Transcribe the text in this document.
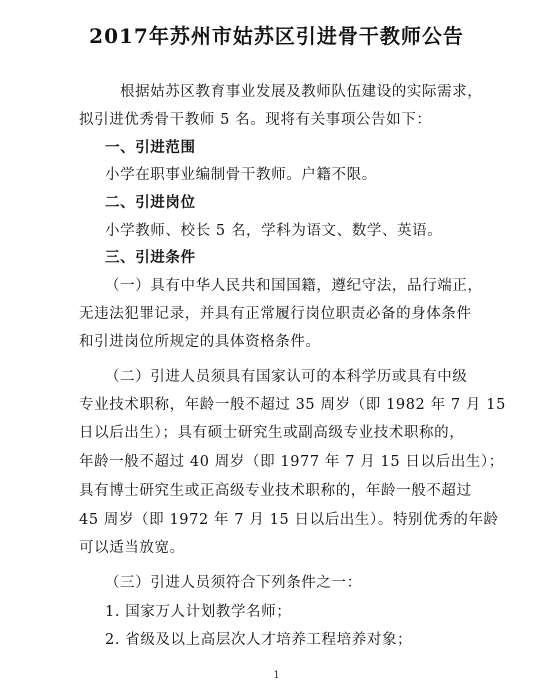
2017年苏州市姑苏区引进骨干教师公告
根据姑苏区教育事业发展及教师队伍建设的实际需求，
拟引进优秀骨干教师 5 名。现将有关事项公告如下：
一、引进范围
小学在职事业编制骨干教师。户籍不限。
二、引进岗位
小学教师、校长 5 名，学科为语文、数学、英语。
三、引进条件
（一）具有中华人民共和国国籍，遵纪守法，品行端正，
无违法犯罪记录，并具有正常履行岗位职责必备的身体条件
和引进岗位所规定的具体资格条件。
（二）引进人员须具有国家认可的本科学历或具有中级
专业技术职称，年龄一般不超过 35 周岁（即 1982 年 7 月 15
日以后出生）；具有硕士研究生或副高级专业技术职称的，
年龄一般不超过 40 周岁（即 1977 年 7 月 15 日以后出生）；
具有博士研究生或正高级专业技术职称的，年龄一般不超过
45 周岁（即 1972 年 7 月 15 日以后出生）。特别优秀的年龄
可以适当放宽。
（三）引进人员须符合下列条件之一：
1. 国家万人计划教学名师；
2. 省级及以上高层次人才培养工程培养对象；
1
